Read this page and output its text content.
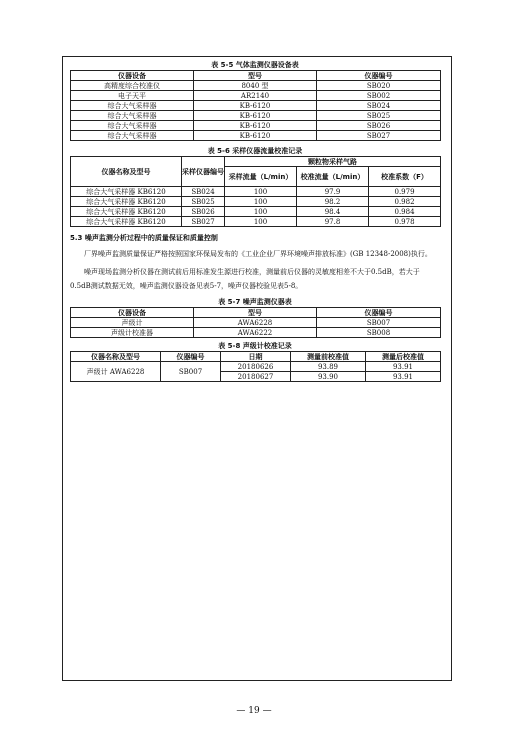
表 5-5 气体监测仪器设备表

仪器设备	型号	仪器编号
高精度综合校准仪	8040 型	SB020
电子天平	AR2140	SB002
综合大气采样器	KB-6120	SB024
综合大气采样器	KB-6120	SB025
综合大气采样器	KB-6120	SB026
综合大气采样器	KB-6120	SB027

表 5-6 采样仪器流量校准记录

仪器名称及型号	采样仪器编号	颗粒物采样气路		
		采样流量（L/min）	校准流量（L/min）	校准系数（F）
综合大气采样器 KB6120	SB024	100	97.9	0.979
综合大气采样器 KB6120	SB025	100	98.2	0.982
综合大气采样器 KB6120	SB026	100	98.4	0.984
综合大气采样器 KB6120	SB027	100	97.8	0.978

5.3 噪声监测分析过程中的质量保证和质量控制

厂界噪声监测质量保证严格按照国家环保局发布的《工业企业厂界环境噪声排放标准》(GB 12348-2008)执行。

噪声现场监测分析仪器在测试前后用标准发生源进行校准，测量前后仪器的灵敏度相差不大于0.5dB，若大于0.5dB测试数据无效，噪声监测仪器设备见表5-7，噪声仪器校验见表5-8。

表 5-7 噪声监测仪器表

仪器设备	型号	仪器编号
声级计	AWA6228	SB007
声级计校准器	AWA6222	SB008

表 5-8 声级计校准记录

仪器名称及型号	仪器编号	日期	测量前校准值	测量后校准值
声级计 AWA6228	SB007	20180626	93.89	93.91
		20180627	93.90	93.91
— 19 —
